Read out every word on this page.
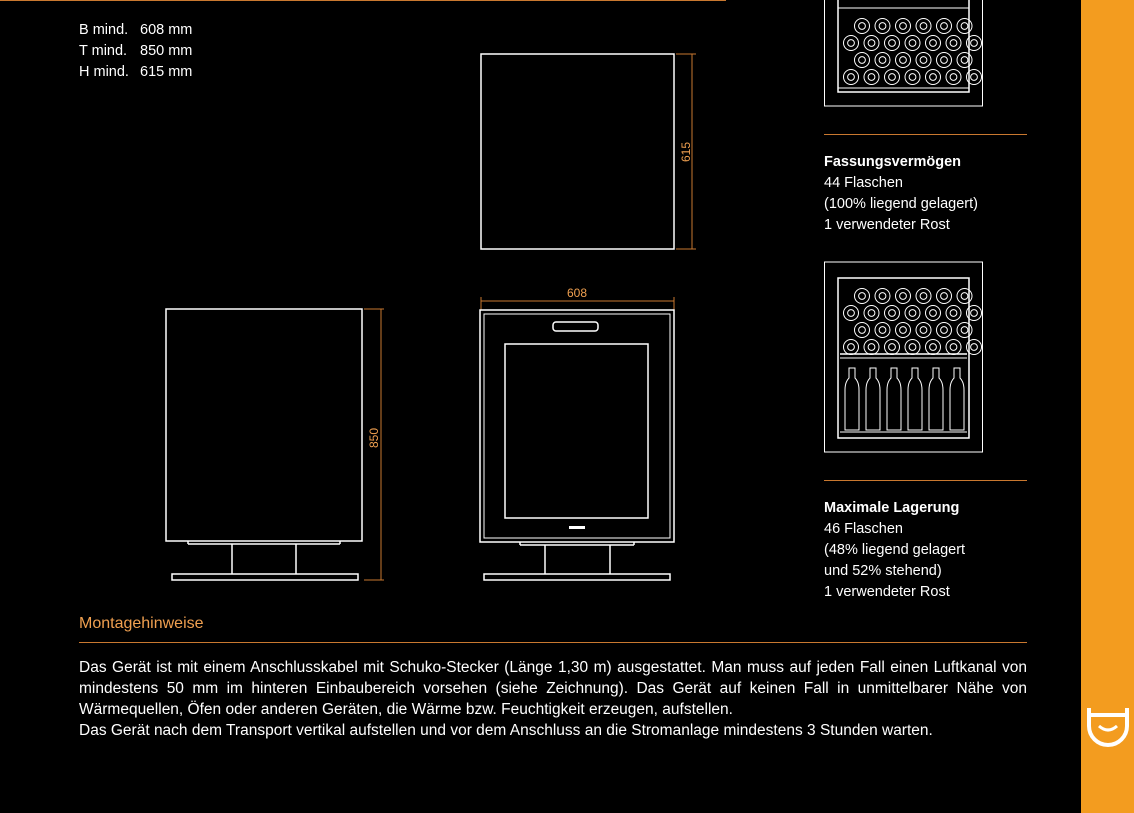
B mind. 608 mm
T mind. 850 mm
H mind. 615 mm
615
850
608
Fassungsvermögen
44 Flaschen
(100% liegend gelagert)
1 verwendeter Rost
Maximale Lagerung
46 Flaschen
(48% liegend gelagert
und 52% stehend)
1 verwendeter Rost
Montagehinweise

Das Gerät ist mit einem Anschlusskabel mit Schuko-Stecker (Länge 1,30 m) ausgestattet. Man muss auf jeden Fall einen Luftkanal von mindestens 50 mm im hinteren Einbaubereich vorsehen (siehe Zeichnung). Das Gerät auf keinen Fall in unmittelbarer Nähe von Wärmequellen, Öfen oder anderen Geräten, die Wärme bzw. Feuchtigkeit erzeugen, aufstellen.

Das Gerät nach dem Transport vertikal aufstellen und vor dem Anschluss an die Stromanlage mindestens 3 Stunden warten.
